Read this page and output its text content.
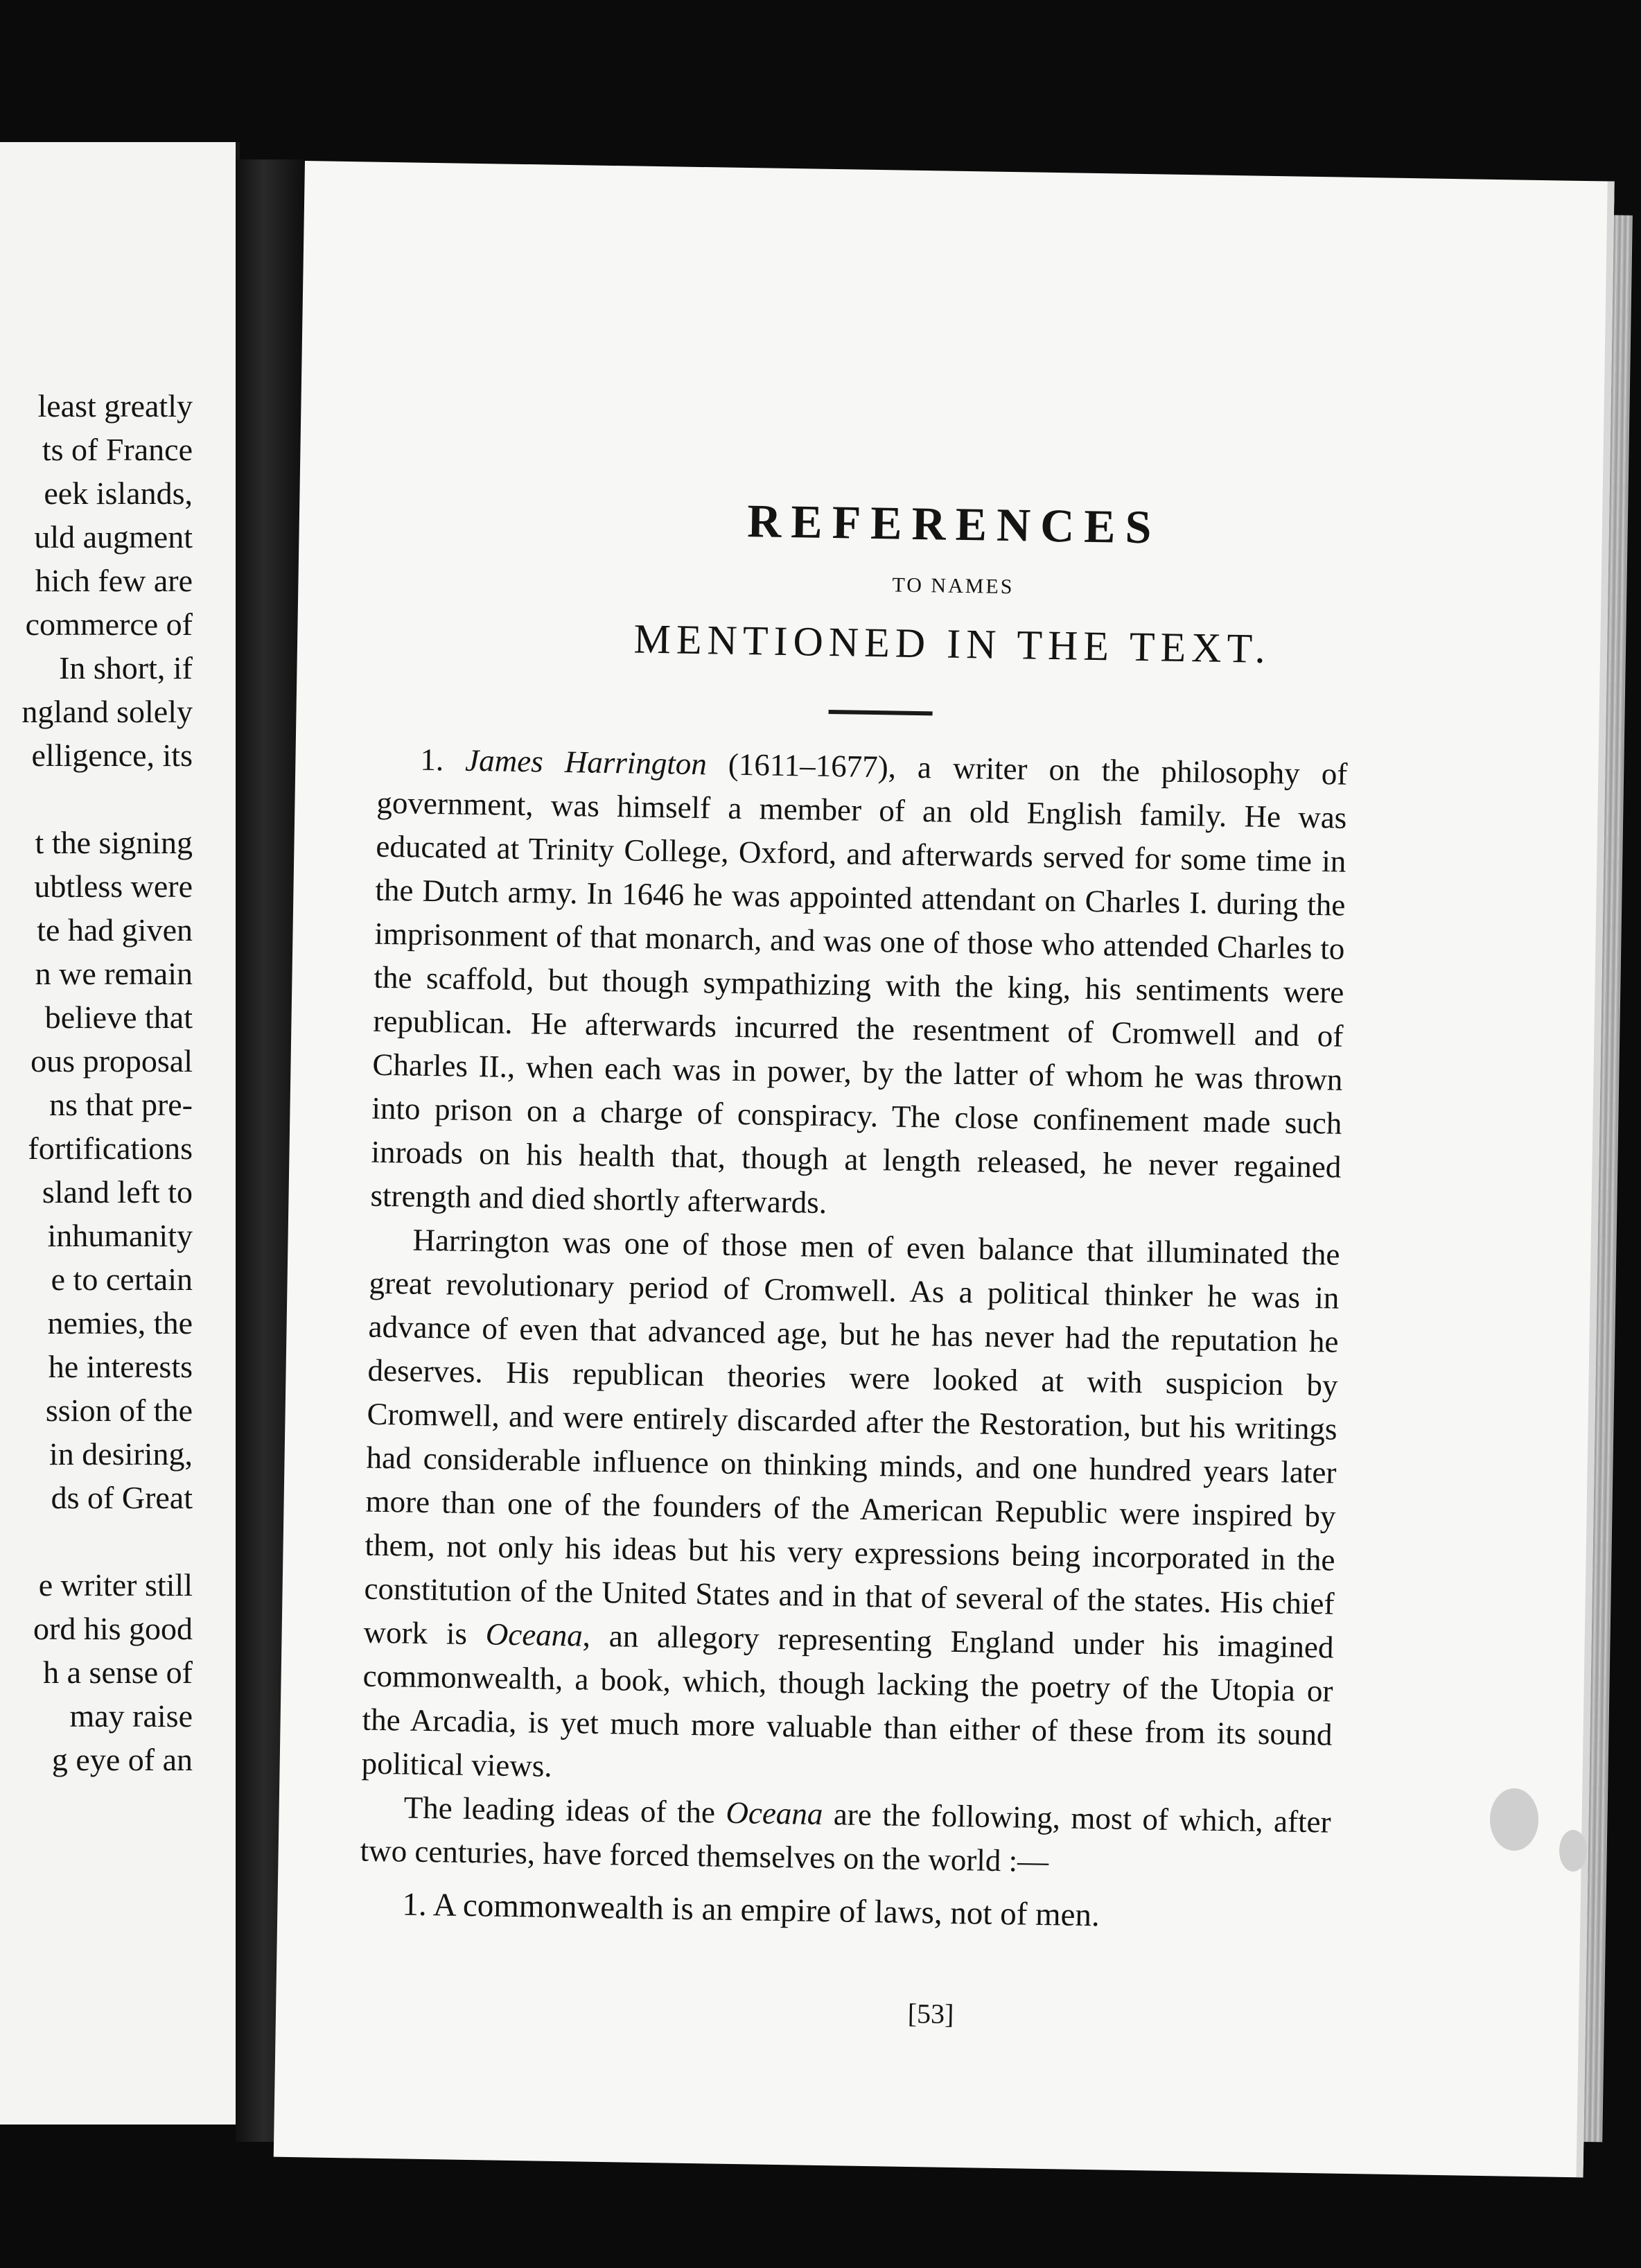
least greatly
ts of France
eek islands,
uld augment
hich few are
commerce of
In short, if
ngland solely
elligence, its
t the signing
ubtless were
te had given
n we remain
believe that
ous proposal
ns that pre-
fortifications
sland left to
inhumanity
e to certain
nemies, the
he interests
ssion of the
in desiring,
ds of Great
e writer still
ord his good
h a sense of
may raise
g eye of an
REFERENCES
TO NAMES
MENTIONED IN THE TEXT.

1. James Harrington (1611–1677), a writer on the philosophy of government, was himself a member of an old English family. He was educated at Trinity College, Oxford, and afterwards served for some time in the Dutch army. In 1646 he was appointed attendant on Charles I. during the imprisonment of that monarch, and was one of those who attended Charles to the scaffold, but though sympathizing with the king, his sentiments were republican. He afterwards incurred the resentment of Cromwell and of Charles II., when each was in power, by the latter of whom he was thrown into prison on a charge of conspiracy. The close confinement made such inroads on his health that, though at length released, he never regained strength and died shortly afterwards.

Harrington was one of those men of even balance that illuminated the great revolutionary period of Cromwell. As a political thinker he was in advance of even that advanced age, but he has never had the reputation he deserves. His republican theories were looked at with suspicion by Cromwell, and were entirely discarded after the Restoration, but his writings had considerable influence on thinking minds, and one hundred years later more than one of the founders of the American Republic were inspired by them, not only his ideas but his very expressions being incorporated in the constitution of the United States and in that of several of the states. His chief work is Oceana, an allegory representing England under his imagined commonwealth, a book, which, though lacking the poetry of the Utopia or the Arcadia, is yet much more valuable than either of these from its sound political views.

The leading ideas of the Oceana are the following, most of which, after two centuries, have forced themselves on the world :—

1. A commonwealth is an empire of laws, not of men.

[53]
